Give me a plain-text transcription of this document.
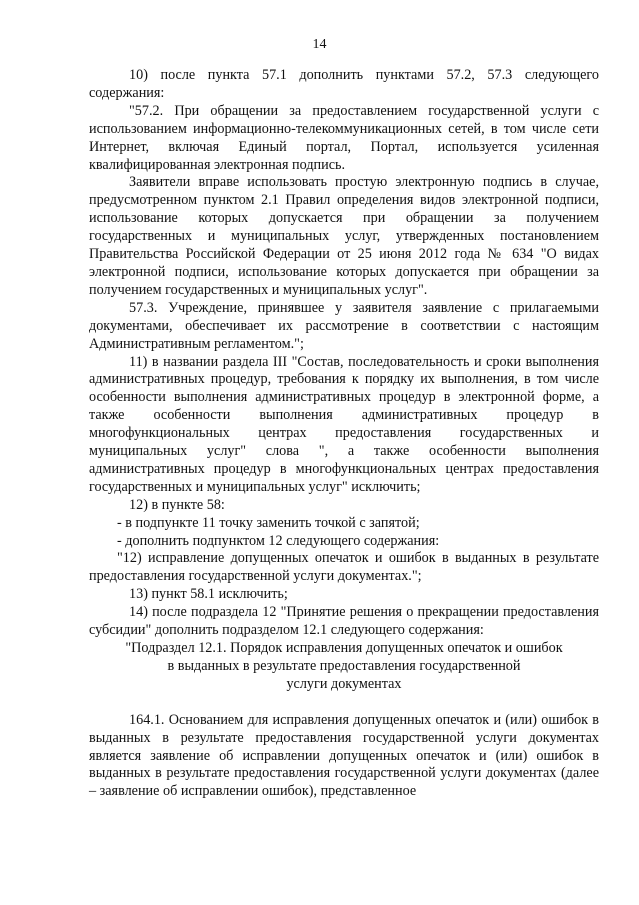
14

10) после пункта 57.1 дополнить пунктами 57.2, 57.3 следующего содержания:

"57.2. При обращении за предоставлением государственной услуги с использованием информационно-телекоммуникационных сетей, в том числе сети Интернет, включая Единый портал, Портал, используется усиленная квалифицированная электронная подпись.

Заявители вправе использовать простую электронную подпись в случае, предусмотренном пунктом 2.1 Правил определения видов электронной подписи, использование которых допускается при обращении за получением государственных и муниципальных услуг, утвержденных постановлением Правительства Российской Федерации от 25 июня 2012 года № 634 "О видах электронной подписи, использование которых допускается при обращении за получением государственных и муниципальных услуг".

57.3. Учреждение, принявшее у заявителя заявление с прилагаемыми документами, обеспечивает их рассмотрение в соответствии с настоящим Административным регламентом.";

11) в названии раздела III "Состав, последовательность и сроки выполнения административных процедур, требования к порядку их выполнения, в том числе особенности выполнения административных процедур в электронной форме, а также особенности выполнения административных процедур в многофункциональных центрах предоставления государственных и муниципальных услуг" слова ", а также особенности выполнения административных процедур в многофункциональных центрах предоставления государственных и муниципальных услуг" исключить;

12) в пункте 58:

- в подпункте 11 точку заменить точкой с запятой;

- дополнить подпунктом 12 следующего содержания:

"12) исправление допущенных опечаток и ошибок в выданных в результате предоставления государственной услуги документах.";

13) пункт 58.1 исключить;

14) после подраздела 12 "Принятие решения о прекращении предоставления субсидии" дополнить подразделом 12.1 следующего содержания:

"Подраздел 12.1. Порядок исправления допущенных опечаток и ошибок

в выданных в результате предоставления государственной

услуги документах

164.1. Основанием для исправления допущенных опечаток и (или) ошибок в выданных в результате предоставления государственной услуги документах является заявление об исправлении допущенных опечаток и (или) ошибок в выданных в результате предоставления государственной услуги документах (далее – заявление об исправлении ошибок), представленное
